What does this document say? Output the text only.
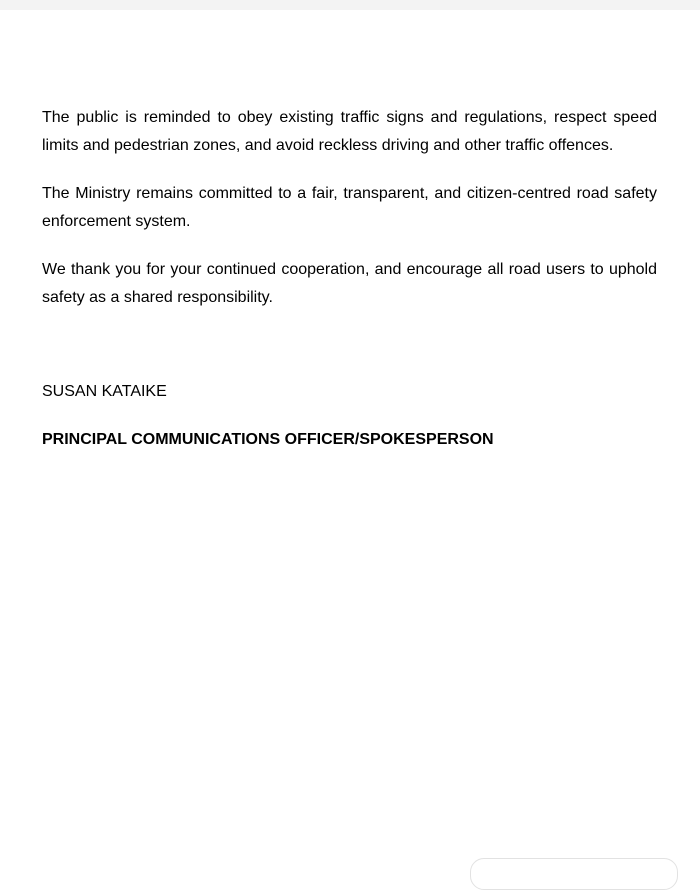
The public is reminded to obey existing traffic signs and regulations, respect speed limits and pedestrian zones, and avoid reckless driving and other traffic offences.

The Ministry remains committed to a fair, transparent, and citizen-centred road safety enforcement system.

We thank you for your continued cooperation, and encourage all road users to uphold safety as a shared responsibility.

SUSAN KATAIKE

PRINCIPAL COMMUNICATIONS OFFICER/SPOKESPERSON
